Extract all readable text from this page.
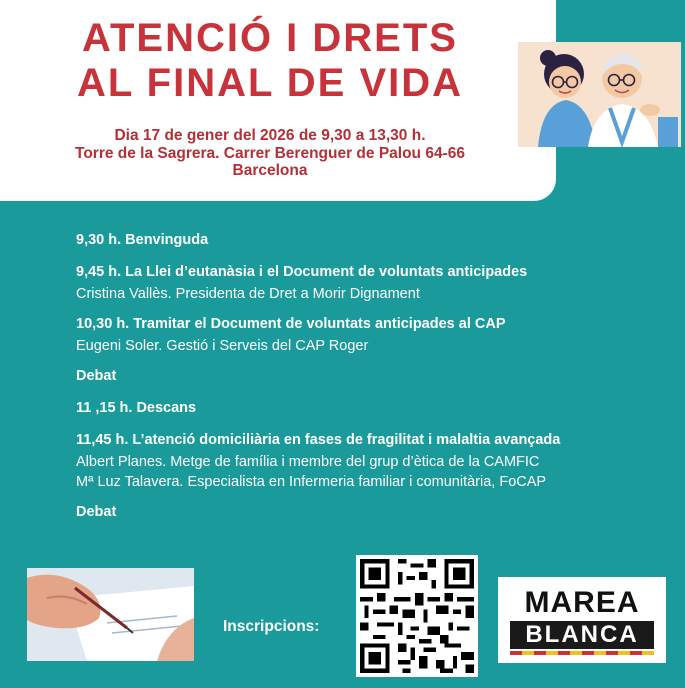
ATENCIÓ I DRETS
AL FINAL DE VIDA

Dia 17 de gener del 2026 de 9,30 a 13,30 h.

Torre de la Sagrera. Carrer Berenguer de Palou 64-66

Barcelona

9,30 h. Benvinguda
9,45 h. La Llei d’eutanàsia i el Document de voluntats anticipades
Cristina Vallès. Presidenta de Dret a Morir Dignament
10,30 h. Tramitar el Document de voluntats anticipades al CAP
Eugeni Soler. Gestió i Serveis del CAP Roger
Debat
11 ,15 h. Descans
11,45 h. L’atenció domiciliària en fases de fragilitat i malaltia avançada
Albert Planes. Metge de família i membre del grup d’ètica de la CAMFIC
Mª Luz Talavera. Especialista en Infermeria familiar i comunitària, FoCAP
Debat
Inscripcions:
MAREA
BLANCA
